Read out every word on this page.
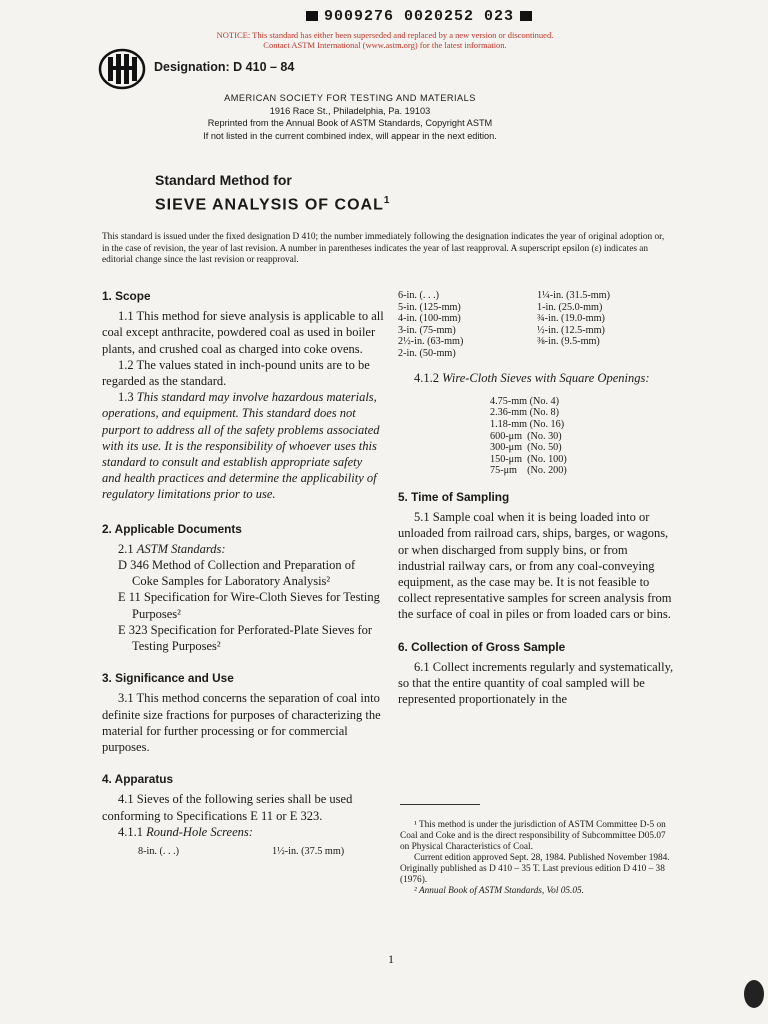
9009276 0020252 023
NOTICE: This standard has either been superseded and replaced by a new version or discontinued.
Contact ASTM International (www.astm.org) for the latest information.
Designation: D 410 – 84
AMERICAN SOCIETY FOR TESTING AND MATERIALS
1916 Race St., Philadelphia, Pa. 19103
Reprinted from the Annual Book of ASTM Standards, Copyright ASTM
If not listed in the current combined index, will appear in the next edition.
Standard Method for
SIEVE ANALYSIS OF COAL$^1$
This standard is issued under the fixed designation D 410; the number immediately following the designation indicates the year of original adoption or, in the case of revision, the year of last revision. A number in parentheses indicates the year of last reapproval. A superscript epsilon (ε) indicates an editorial change since the last revision or reapproval.
1. Scope

1.1 This method for sieve analysis is applicable to all coal except anthracite, powdered coal as used in boiler plants, and crushed coal as charged into coke ovens.

1.2 The values stated in inch-pound units are to be regarded as the standard.

1.3 This standard may involve hazardous materials, operations, and equipment. This standard does not purport to address all of the safety problems associated with its use. It is the responsibility of whoever uses this standard to consult and establish appropriate safety and health practices and determine the applicability of regulatory limitations prior to use.

2. Applicable Documents

2.1 ASTM Standards:

D 346 Method of Collection and Preparation of Coke Samples for Laboratory Analysis²

E 11 Specification for Wire-Cloth Sieves for Testing Purposes²

E 323 Specification for Perforated-Plate Sieves for Testing Purposes²

3. Significance and Use

3.1 This method concerns the separation of coal into definite size fractions for purposes of characterizing the material for further processing or for commercial purposes.

4. Apparatus

4.1 Sieves of the following series shall be used conforming to Specifications E 11 or E 323.

4.1.1 Round-Hole Screens:

8-in. (. . .)	1½-in. (37.5 mm)
6-in. (. . .)	1¼-in. (31.5-mm)
5-in. (125-mm)	1-in. (25.0-mm)
4-in. (100-mm)	¾-in. (19.0-mm)
3-in. (75-mm)	½-in. (12.5-mm)
2½-in. (63-mm)	⅜-in. (9.5-mm)
2-in. (50-mm)	

4.1.2 Wire-Cloth Sieves with Square Openings:

4.75-mm (No. 4)
2.36-mm (No. 8)
1.18-mm (No. 16)
600-μm  (No. 30)
300-μm  (No. 50)
150-μm  (No. 100)
75-μm    (No. 200)
5. Time of Sampling

5.1 Sample coal when it is being loaded into or unloaded from railroad cars, ships, barges, or wagons, or when discharged from supply bins, or from industrial railway cars, or from any coal-conveying equipment, as the case may be. It is not feasible to collect representative samples for screen analysis from the surface of coal in piles or from loaded cars or bins.

6. Collection of Gross Sample

6.1 Collect increments regularly and systematically, so that the entire quantity of coal sampled will be represented proportionately in the

¹ This method is under the jurisdiction of ASTM Committee D-5 on Coal and Coke and is the direct responsibility of Subcommittee D05.07 on Physical Characteristics of Coal.

Current edition approved Sept. 28, 1984. Published November 1984. Originally published as D 410 – 35 T. Last previous edition D 410 – 38 (1976).

² Annual Book of ASTM Standards, Vol 05.05.

1
